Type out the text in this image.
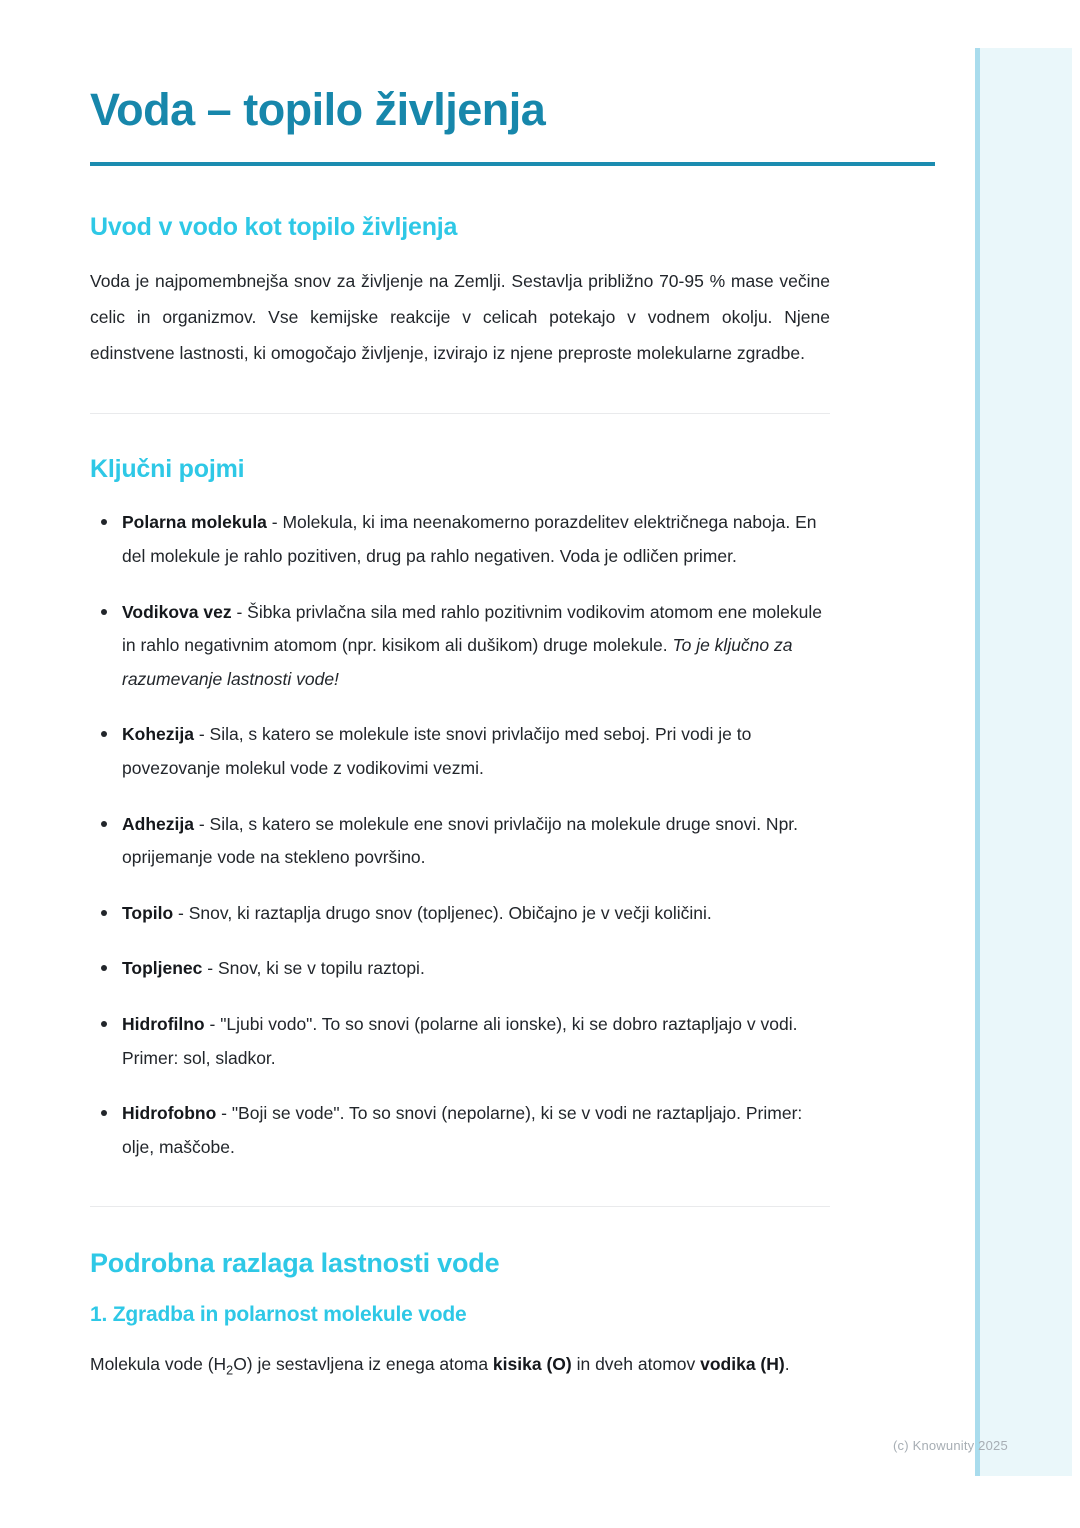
Voda – topilo življenja
Uvod v vodo kot topilo življenja

Voda je najpomembnejša snov za življenje na Zemlji. Sestavlja približno 70-95 % mase večine celic in organizmov. Vse kemijske reakcije v celicah potekajo v vodnem okolju. Njene edinstvene lastnosti, ki omogočajo življenje, izvirajo iz njene preproste molekularne zgradbe.

Ključni pojmi
Polarna molekula - Molekula, ki ima neenakomerno porazdelitev električnega naboja. En del molekule je rahlo pozitiven, drug pa rahlo negativen. Voda je odličen primer.
Vodikova vez - Šibka privlačna sila med rahlo pozitivnim vodikovim atomom ene molekule in rahlo negativnim atomom (npr. kisikom ali dušikom) druge molekule. To je ključno za razumevanje lastnosti vode!
Kohezija - Sila, s katero se molekule iste snovi privlačijo med seboj. Pri vodi je to povezovanje molekul vode z vodikovimi vezmi.
Adhezija - Sila, s katero se molekule ene snovi privlačijo na molekule druge snovi. Npr. oprijemanje vode na stekleno površino.
Topilo - Snov, ki raztaplja drugo snov (topljenec). Običajno je v večji količini.
Topljenec - Snov, ki se v topilu raztopi.
Hidrofilno - "Ljubi vodo". To so snovi (polarne ali ionske), ki se dobro raztapljajo v vodi. Primer: sol, sladkor.
Hidrofobno - "Boji se vode". To so snovi (nepolarne), ki se v vodi ne raztapljajo. Primer: olje, maščobe.
Podrobna razlaga lastnosti vode
1. Zgradba in polarnost molekule vode

Molekula vode $(H_2O)$ je sestavljena iz enega atoma kisika (O) in dveh atomov vodika (H).

(c) Knowunity 2025
